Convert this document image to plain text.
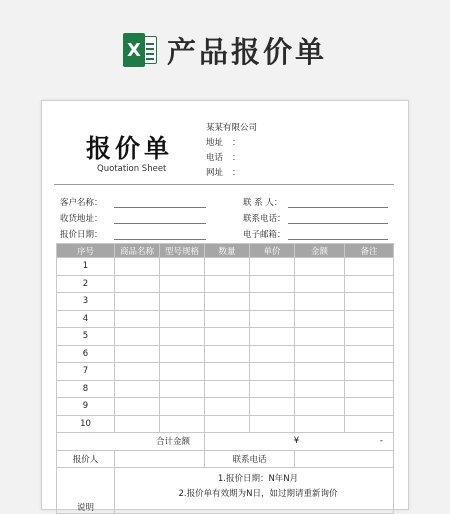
X 产品报价单
报价单
Quotation Sheet
某某有限公司
地址	：
电话	：
网址	：
客户名称：	联 系 人：
收货地址：	联系电话：
报价日期：	电子邮箱：
序号	商品名称	型号规格	数量	单价	金额	备注
1						
2						
3						
4						
5						
6						
7						
8						
9						
10						
合计金额			¥ -			

报价人			联系电话			
说明	1.报价日期：N年N月
2.报价单有效期为N日，如过期请重新询价					
